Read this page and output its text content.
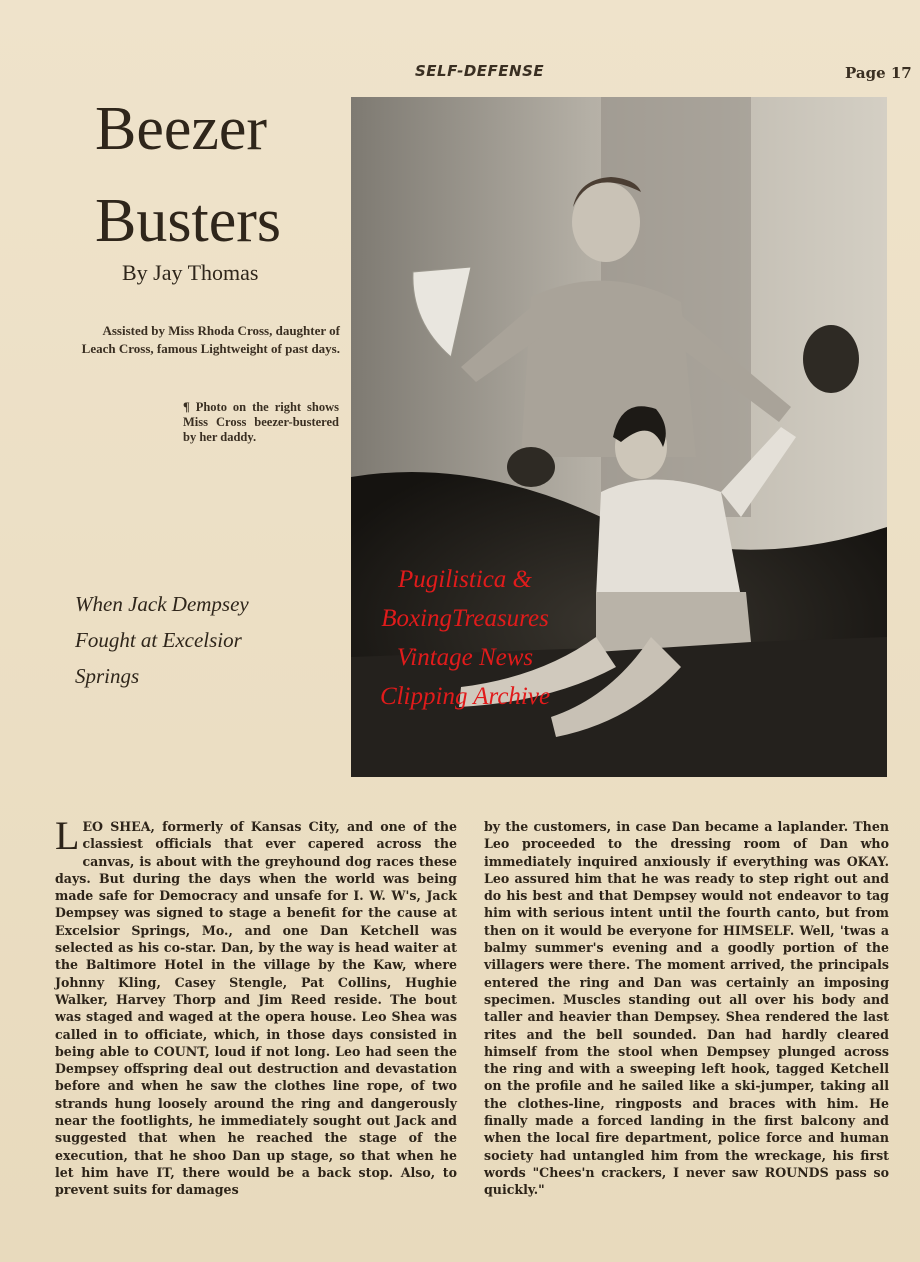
SELF-DEFENSE	Page 17
Beezer
Busters
By Jay Thomas
Assisted by Miss Rhoda Cross, daughter of Leach Cross, famous Lightweight of past days.
¶ Photo on the right shows Miss Cross beezer-bustered by her daddy.
When Jack Dempsey Fought at Excelsior Springs
Pugilistica &
BoxingTreasures
Vintage News
Clipping Archive
LEO SHEA, formerly of Kansas City, and one of the classiest officials that ever capered across the canvas, is about with the greyhound dog races these days. But during the days when the world was being made safe for Democracy and unsafe for I. W. W's, Jack Dempsey was signed to stage a benefit for the cause at Excelsior Springs, Mo., and one Dan Ketchell was selected as his co-star. Dan, by the way is head waiter at the Baltimore Hotel in the village by the Kaw, where Johnny Kling, Casey Stengle, Pat Collins, Hughie Walker, Harvey Thorp and Jim Reed reside. The bout was staged and waged at the opera house. Leo Shea was called in to officiate, which, in those days consisted in being able to COUNT, loud if not long. Leo had seen the Dempsey offspring deal out destruction and devastation before and when he saw the clothes line rope, of two strands hung loosely around the ring and dangerously near the footlights, he immediately sought out Jack and suggested that when he reached the stage of the execution, that he shoo Dan up stage, so that when he let him have IT, there would be a back stop. Also, to prevent suits for damages
by the customers, in case Dan became a laplander. Then Leo proceeded to the dressing room of Dan who immediately inquired anxiously if everything was OKAY. Leo assured him that he was ready to step right out and do his best and that Dempsey would not endeavor to tag him with serious intent until the fourth canto, but from then on it would be everyone for HIMSELF. Well, 'twas a balmy summer's evening and a goodly portion of the villagers were there. The moment arrived, the principals entered the ring and Dan was certainly an imposing specimen. Muscles standing out all over his body and taller and heavier than Dempsey. Shea rendered the last rites and the bell sounded. Dan had hardly cleared himself from the stool when Dempsey plunged across the ring and with a sweeping left hook, tagged Ketchell on the profile and he sailed like a ski-jumper, taking all the clothes-line, ringposts and braces with him. He finally made a forced landing in the first balcony and when the local fire department, police force and human society had untangled him from the wreckage, his first words "Chees'n crackers, I never saw ROUNDS pass so quickly."
